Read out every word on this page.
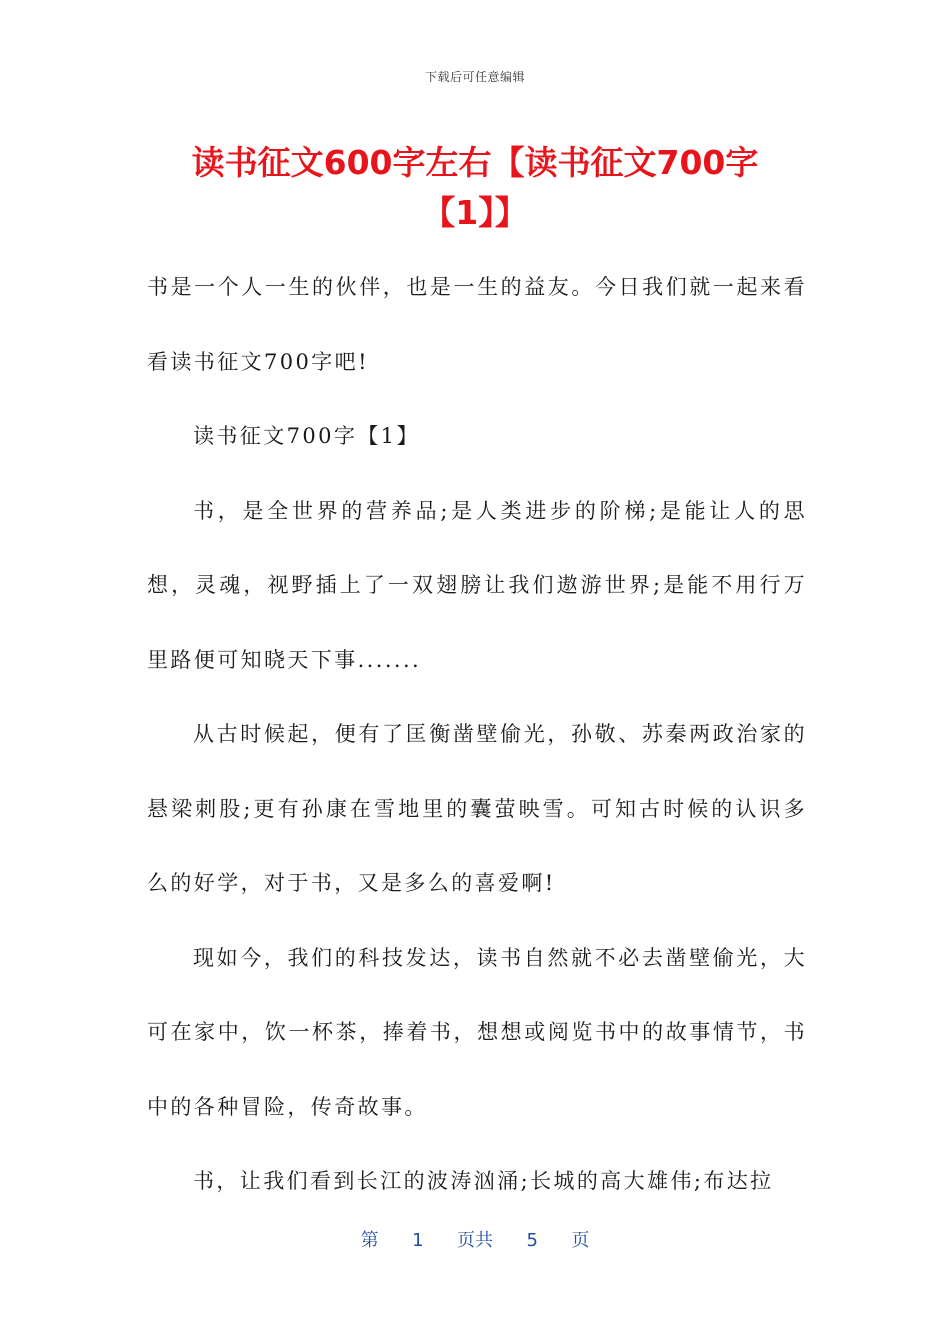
下载后可任意编辑
读书征文600字左右【读书征文700字【1】】

书是一个人一生的伙伴，也是一生的益友。今日我们就一起来看看读书征文700字吧!

读书征文700字【1】

书，是全世界的营养品;是人类进步的阶梯;是能让人的思想，灵魂，视野插上了一双翅膀让我们遨游世界;是能不用行万里路便可知晓天下事.......

从古时候起，便有了匡衡凿壁偷光，孙敬、苏秦两政治家的悬梁刺股;更有孙康在雪地里的囊萤映雪。可知古时候的认识多么的好学，对于书，又是多么的喜爱啊!

现如今，我们的科技发达，读书自然就不必去凿壁偷光，大可在家中，饮一杯茶，捧着书，想想或阅览书中的故事情节，书中的各种冒险，传奇故事。

书，让我们看到长江的波涛汹涌;长城的高大雄伟;布达拉

第 1 页共 5 页
